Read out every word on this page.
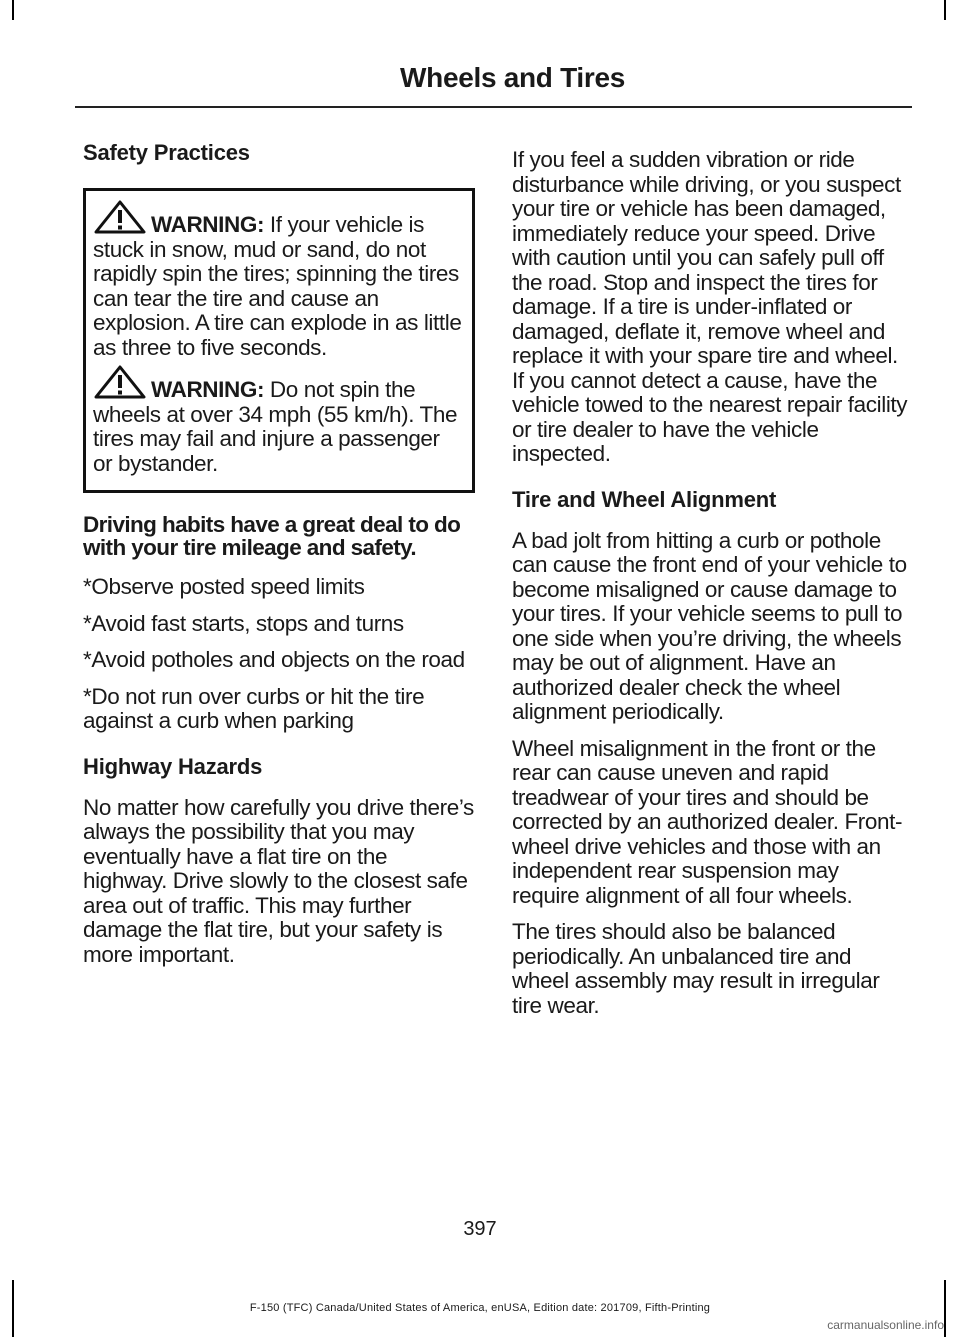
Wheels and Tires
Safety Practices
WARNING: If your vehicle is stuck in snow, mud or sand, do not rapidly spin the tires; spinning the tires can tear the tire and cause an explosion. A tire can explode in as little as three to five seconds.
WARNING: Do not spin the wheels at over 34 mph (55 km/h). The tires may fail and injure a passenger or bystander.

Driving habits have a great deal to do with your tire mileage and safety.

*Observe posted speed limits

*Avoid fast starts, stops and turns

*Avoid potholes and objects on the road

*Do not run over curbs or hit the tire against a curb when parking

Highway Hazards

No matter how carefully you drive there’s always the possibility that you may eventually have a flat tire on the highway. Drive slowly to the closest safe area out of traffic. This may further damage the flat tire, but your safety is more important.

If you feel a sudden vibration or ride disturbance while driving, or you suspect your tire or vehicle has been damaged, immediately reduce your speed. Drive with caution until you can safely pull off the road. Stop and inspect the tires for damage. If a tire is under-inflated or damaged, deflate it, remove wheel and replace it with your spare tire and wheel. If you cannot detect a cause, have the vehicle towed to the nearest repair facility or tire dealer to have the vehicle inspected.

Tire and Wheel Alignment

A bad jolt from hitting a curb or pothole can cause the front end of your vehicle to become misaligned or cause damage to your tires. If your vehicle seems to pull to one side when you’re driving, the wheels may be out of alignment. Have an authorized dealer check the wheel alignment periodically.

Wheel misalignment in the front or the rear can cause uneven and rapid treadwear of your tires and should be corrected by an authorized dealer. Front-wheel drive vehicles and those with an independent rear suspension may require alignment of all four wheels.

The tires should also be balanced periodically. An unbalanced tire and wheel assembly may result in irregular tire wear.

397
F-150 (TFC) Canada/United States of America, enUSA, Edition date: 201709, Fifth-Printing
carmanualsonline.info
